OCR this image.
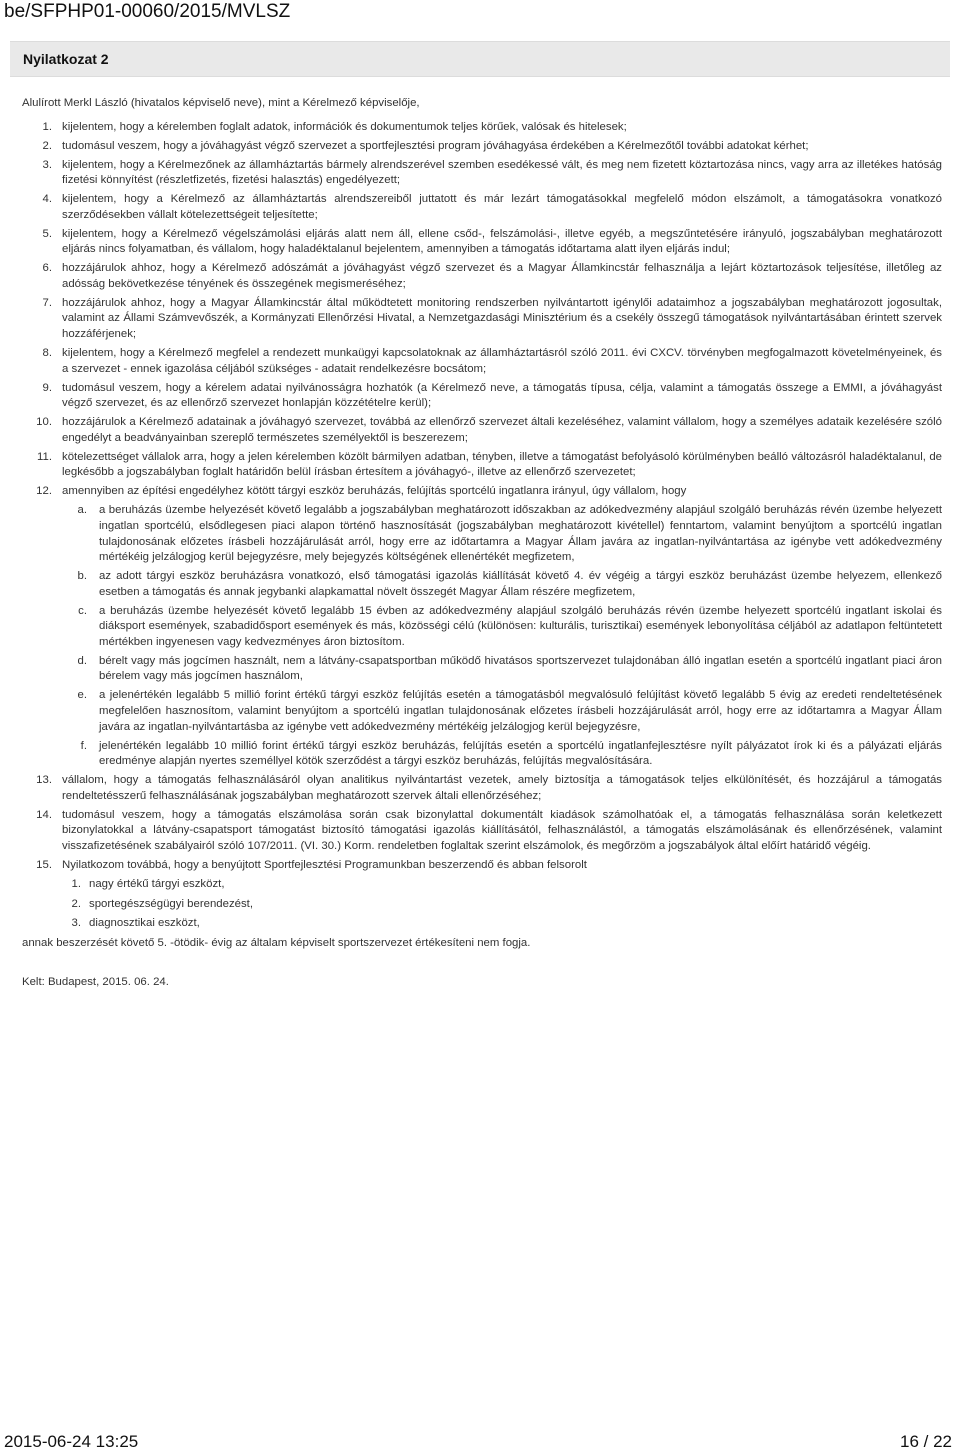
be/SFPHP01-00060/2015/MVLSZ
Nyilatkozat 2

Alulírott Merkl László (hivatalos képviselő neve), mint a Kérelmező képviselője,

1. kijelentem, hogy a kérelemben foglalt adatok, információk és dokumentumok teljes körűek, valósak és hitelesek;
2. tudomásul veszem, hogy a jóváhagyást végző szervezet a sportfejlesztési program jóváhagyása érdekében a Kérelmezőtől további adatokat kérhet;
3. kijelentem, hogy a Kérelmezőnek az államháztartás bármely alrendszerével szemben esedékessé vált, és meg nem fizetett köztartozása nincs, vagy arra az illetékes hatóság fizetési könnyítést (részletfizetés, fizetési halasztás) engedélyezett;
4. kijelentem, hogy a Kérelmező az államháztartás alrendszereiből juttatott és már lezárt támogatásokkal megfelelő módon elszámolt, a támogatásokra vonatkozó szerződésekben vállalt kötelezettségeit teljesítette;
5. kijelentem, hogy a Kérelmező végelszámolási eljárás alatt nem áll, ellene csőd-, felszámolási-, illetve egyéb, a megszűntetésére irányuló, jogszabályban meghatározott eljárás nincs folyamatban, és vállalom, hogy haladéktalanul bejelentem, amennyiben a támogatás időtartama alatt ilyen eljárás indul;
6. hozzájárulok ahhoz, hogy a Kérelmező adószámát a jóváhagyást végző szervezet és a Magyar Államkincstár felhasználja a lejárt köztartozások teljesítése, illetőleg az adósság bekövetkezése tényének és összegének megismeréséhez;
7. hozzájárulok ahhoz, hogy a Magyar Államkincstár által működtetett monitoring rendszerben nyilvántartott igénylői adataimhoz a jogszabályban meghatározott jogosultak, valamint az Állami Számvevőszék, a Kormányzati Ellenőrzési Hivatal, a Nemzetgazdasági Minisztérium és a csekély összegű támogatások nyilvántartásában érintett szervek hozzáférjenek;
8. kijelentem, hogy a Kérelmező megfelel a rendezett munkaügyi kapcsolatoknak az államháztartásról szóló 2011. évi CXCV. törvényben megfogalmazott követelményeinek, és a szervezet - ennek igazolása céljából szükséges - adatait rendelkezésre bocsátom;
9. tudomásul veszem, hogy a kérelem adatai nyilvánosságra hozhatók (a Kérelmező neve, a támogatás típusa, célja, valamint a támogatás összege a EMMI, a jóváhagyást végző szervezet, és az ellenőrző szervezet honlapján közzétételre kerül);
10. hozzájárulok a Kérelmező adatainak a jóváhagyó szervezet, továbbá az ellenőrző szervezet általi kezeléséhez, valamint vállalom, hogy a személyes adataik kezelésére szóló engedélyt a beadványainban szereplő természetes személyektől is beszerezem;
11. kötelezettséget vállalok arra, hogy a jelen kérelemben közölt bármilyen adatban, tényben, illetve a támogatást befolyásoló körülményben beálló változásról haladéktalanul, de legkésőbb a jogszabályban foglalt határidőn belül írásban értesítem a jóváhagyó-, illetve az ellenőrző szervezetet;
12. amennyiben az építési engedélyhez kötött tárgyi eszköz beruházás, felújítás sportcélú ingatlanra irányul, úgy vállalom, hogy
a. a beruházás üzembe helyezését követő legalább a jogszabályban meghatározott időszakban az adókedvezmény alapjául szolgáló beruházás révén üzembe helyezett ingatlan sportcélú, elsődlegesen piaci alapon történő hasznosítását (jogszabályban meghatározott kivétellel) fenntartom, valamint benyújtom a sportcélú ingatlan tulajdonosának előzetes írásbeli hozzájárulását arról, hogy erre az időtartamra a Magyar Állam javára az ingatlan-nyilvántartása az igénybe vett adókedvezmény mértékéig jelzálogjog kerül bejegyzésre, mely bejegyzés költségének ellenértékét megfizetem,
b. az adott tárgyi eszköz beruházásra vonatkozó, első támogatási igazolás kiállítását követő 4. év végéig a tárgyi eszköz beruházást üzembe helyezem, ellenkező esetben a támogatás és annak jegybanki alapkamattal növelt összegét Magyar Állam részére megfizetem,
c. a beruházás üzembe helyezését követő legalább 15 évben az adókedvezmény alapjául szolgáló beruházás révén üzembe helyezett sportcélú ingatlant iskolai és diáksport események, szabadidősport események és más, közösségi célú (különösen: kulturális, turisztikai) események lebonyolítása céljából az adatlapon feltüntetett mértékben ingyenesen vagy kedvezményes áron biztosítom.
d. bérelt vagy más jogcímen használt, nem a látvány-csapatsportban működő hivatásos sportszervezet tulajdonában álló ingatlan esetén a sportcélú ingatlant piaci áron bérelem vagy más jogcímen használom,
e. a jelenértékén legalább 5 millió forint értékű tárgyi eszköz felújítás esetén a támogatásból megvalósuló felújítást követő legalább 5 évig az eredeti rendeltetésének megfelelően hasznosítom, valamint benyújtom a sportcélú ingatlan tulajdonosának előzetes írásbeli hozzájárulását arról, hogy erre az időtartamra a Magyar Állam javára az ingatlan-nyilvántartásba az igénybe vett adókedvezmény mértékéig jelzálogjog kerül bejegyzésre,
f. jelenértékén legalább 10 millió forint értékű tárgyi eszköz beruházás, felújítás esetén a sportcélú ingatlanfejlesztésre nyílt pályázatot írok ki és a pályázati eljárás eredménye alapján nyertes személlyel kötök szerződést a tárgyi eszköz beruházás, felújítás megvalósítására.
13. vállalom, hogy a támogatás felhasználásáról olyan analitikus nyilvántartást vezetek, amely biztosítja a támogatások teljes elkülönítését, és hozzájárul a támogatás rendeltetésszerű felhasználásának jogszabályban meghatározott szervek általi ellenőrzéséhez;
14. tudomásul veszem, hogy a támogatás elszámolása során csak bizonylattal dokumentált kiadások számolhatóak el, a támogatás felhasználása során keletkezett bizonylatokkal a látvány-csapatsport támogatást biztosító támogatási igazolás kiállításától, felhasználástól, a támogatás elszámolásának és ellenőrzésének, valamint visszafizetésének szabályairól szóló 107/2011. (VI. 30.) Korm. rendeletben foglaltak szerint elszámolok, és megőrzöm a jogszabályok által előírt határidő végéig.
15. Nyilatkozom továbbá, hogy a benyújtott Sportfejlesztési Programunkban beszerzendő és abban felsorolt
1. nagy értékű tárgyi eszközt,
2. sportegészségügyi berendezést,
3. diagnosztikai eszközt,

annak beszerzését követő 5. -ötödik- évig az általam képviselt sportszervezet értékesíteni nem fogja.

Kelt: Budapest, 2015. 06. 24.

2015-06-24 13:25	16 / 22
